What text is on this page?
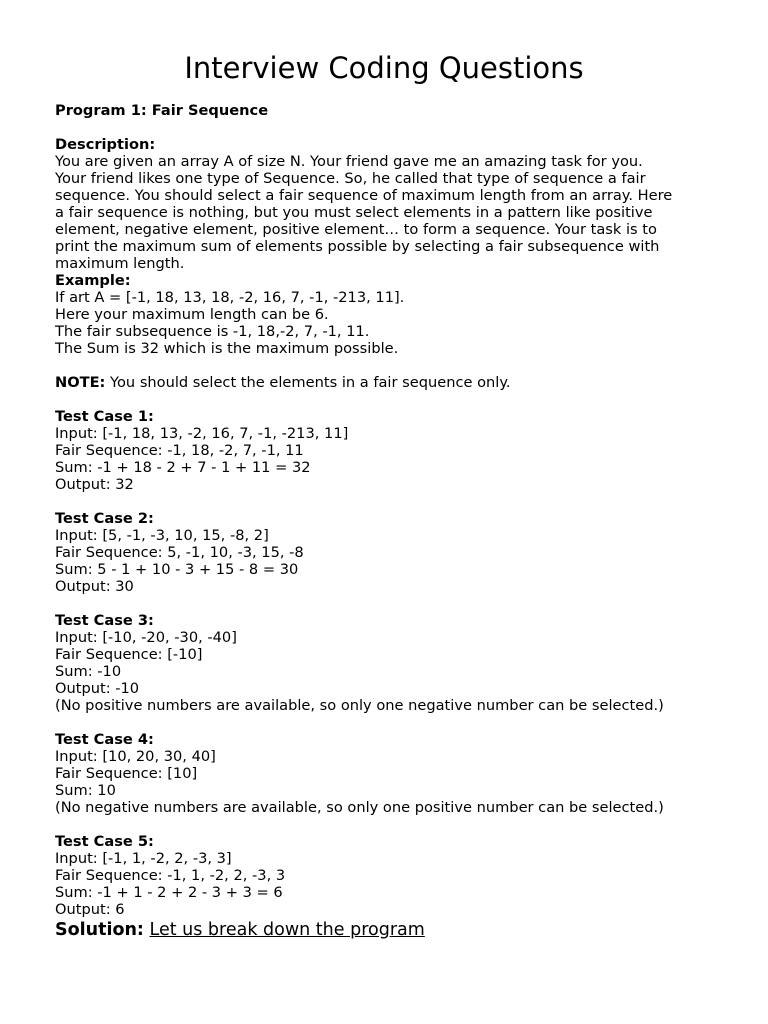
Interview Coding Questions
Program 1: Fair Sequence
Description:
You are given an array A of size N. Your friend gave me an amazing task for you.
Your friend likes one type of Sequence. So, he called that type of sequence a fair
sequence. You should select a fair sequence of maximum length from an array. Here
a fair sequence is nothing, but you must select elements in a pattern like positive
element, negative element, positive element… to form a sequence. Your task is to
print the maximum sum of elements possible by selecting a fair subsequence with
maximum length.
Example:
If art A = [-1, 18, 13, 18, -2, 16, 7, -1, -213, 11].
Here your maximum length can be 6.
The fair subsequence is -1, 18,-2, 7, -1, 11.
The Sum is 32 which is the maximum possible.
NOTE: You should select the elements in a fair sequence only.
Test Case 1:
Input: [-1, 18, 13, -2, 16, 7, -1, -213, 11]
Fair Sequence: -1, 18, -2, 7, -1, 11
Sum: -1 + 18 - 2 + 7 - 1 + 11 = 32
Output: 32
Test Case 2:
Input: [5, -1, -3, 10, 15, -8, 2]
Fair Sequence: 5, -1, 10, -3, 15, -8
Sum: 5 - 1 + 10 - 3 + 15 - 8 = 30
Output: 30
Test Case 3:
Input: [-10, -20, -30, -40]
Fair Sequence: [-10]
Sum: -10
Output: -10
(No positive numbers are available, so only one negative number can be selected.)
Test Case 4:
Input: [10, 20, 30, 40]
Fair Sequence: [10]
Sum: 10
(No negative numbers are available, so only one positive number can be selected.)
Test Case 5:
Input: [-1, 1, -2, 2, -3, 3]
Fair Sequence: -1, 1, -2, 2, -3, 3
Sum: -1 + 1 - 2 + 2 - 3 + 3 = 6
Output: 6
Solution: Let us break down the program
